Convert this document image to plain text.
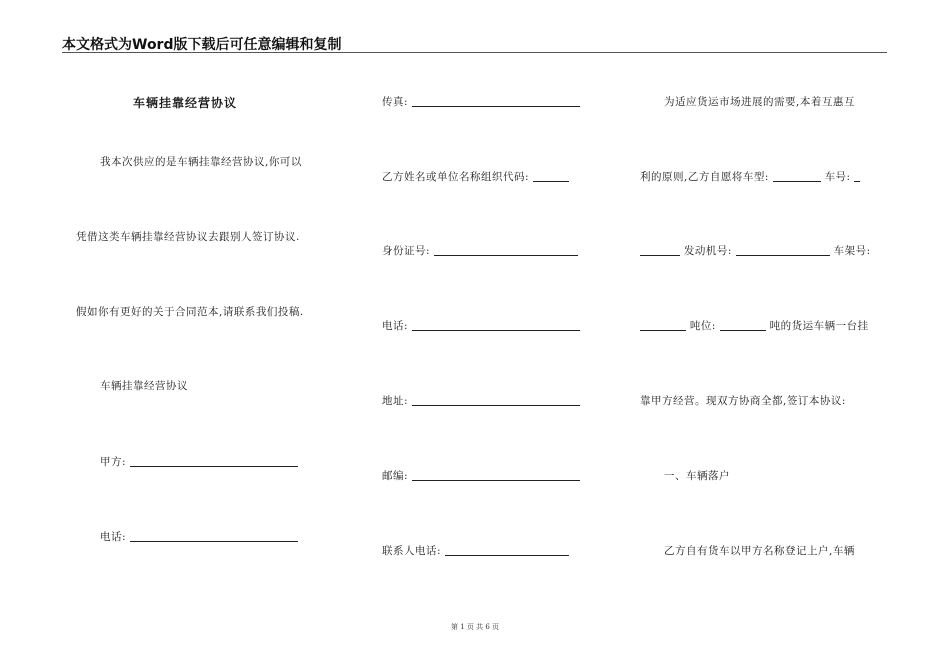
本文格式为Word版下载后可任意编辑和复制
车辆挂靠经营协议
我本次供应的是车辆挂靠经营协议,你可以
凭借这类车辆挂靠经营协议去跟别人签订协议.
假如你有更好的关于合同范本,请联系我们投稿.
车辆挂靠经营协议
甲方:
电话:
传真:
乙方姓名或单位名称组织代码:
身份证号:
电话:
地址:
邮编:
联系人电话:
为适应货运市场进展的需要,本着互惠互
利的原则,乙方自愿将车型:	车号:
发动机号:	车架号:
吨位:	吨的货运车辆一台挂
靠甲方经营。现双方协商全都,签订本协议:
一、车辆落户
乙方自有货车以甲方名称登记上户,车辆
第 1 页 共 6 页
